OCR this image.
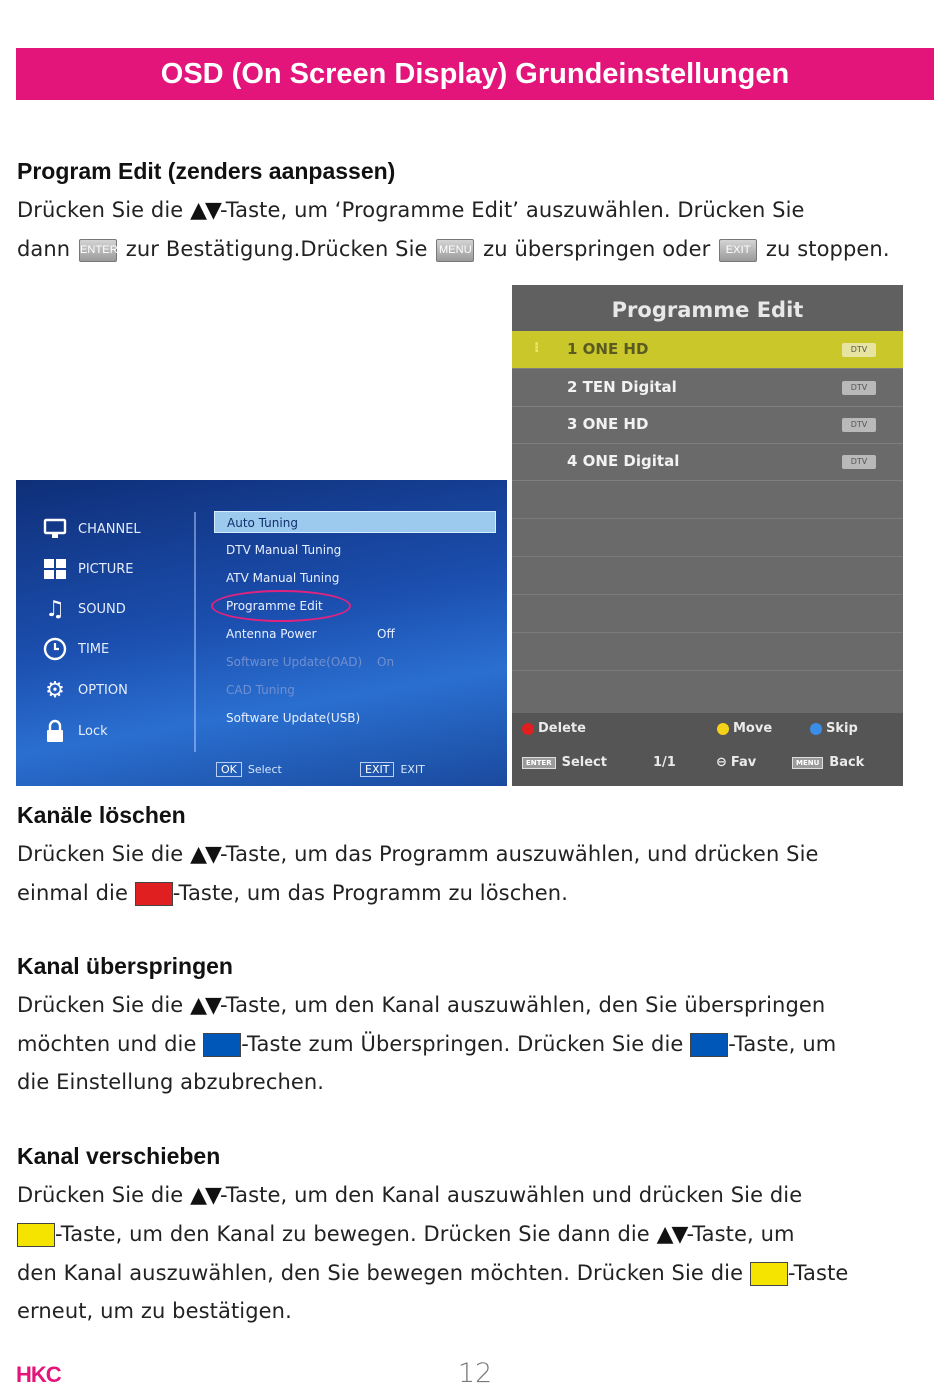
OSD (On Screen Display) Grundeinstellungen
Program Edit (zenders aanpassen)
Drücken Sie die ▲▼-Taste, um ‘Programme Edit’ auszuwählen. Drücken Sie
dann ENTER zur Bestätigung.Drücken Sie MENU zu überspringen oder EXIT zu stoppen.
CHANNEL
PICTURE
♫ SOUND
TIME
⚙ OPTION
Lock
Auto Tuning
DTV Manual Tuning
ATV Manual Tuning
Programme Edit
Antenna Power	Off
Software Update(OAD) On
CAD Tuning
Software Update(USB)
OK Select	EXIT EXIT
Programme Edit
⁝ 1 ONE HD	DTV
2 TEN Digital	DTV
3 ONE HD	DTV
4 ONE Digital	DTV
Delete	Move	Skip
ENTER Select	1/1	⊖ Fav	MENU Back
Kanäle löschen
Drücken Sie die ▲▼-Taste, um das Programm auszuwählen, und drücken Sie
einmal die -Taste, um das Programm zu löschen.
Kanal überspringen
Drücken Sie die ▲▼-Taste, um den Kanal auszuwählen, den Sie überspringen
möchten und die -Taste zum Überspringen. Drücken Sie die -Taste, um
die Einstellung abzubrechen.
Kanal verschieben
Drücken Sie die ▲▼-Taste, um den Kanal auszuwählen und drücken Sie die
-Taste, um den Kanal zu bewegen. Drücken Sie dann die ▲▼-Taste, um
den Kanal auszuwählen, den Sie bewegen möchten. Drücken Sie die -Taste
erneut, um zu bestätigen.
HKC	12
